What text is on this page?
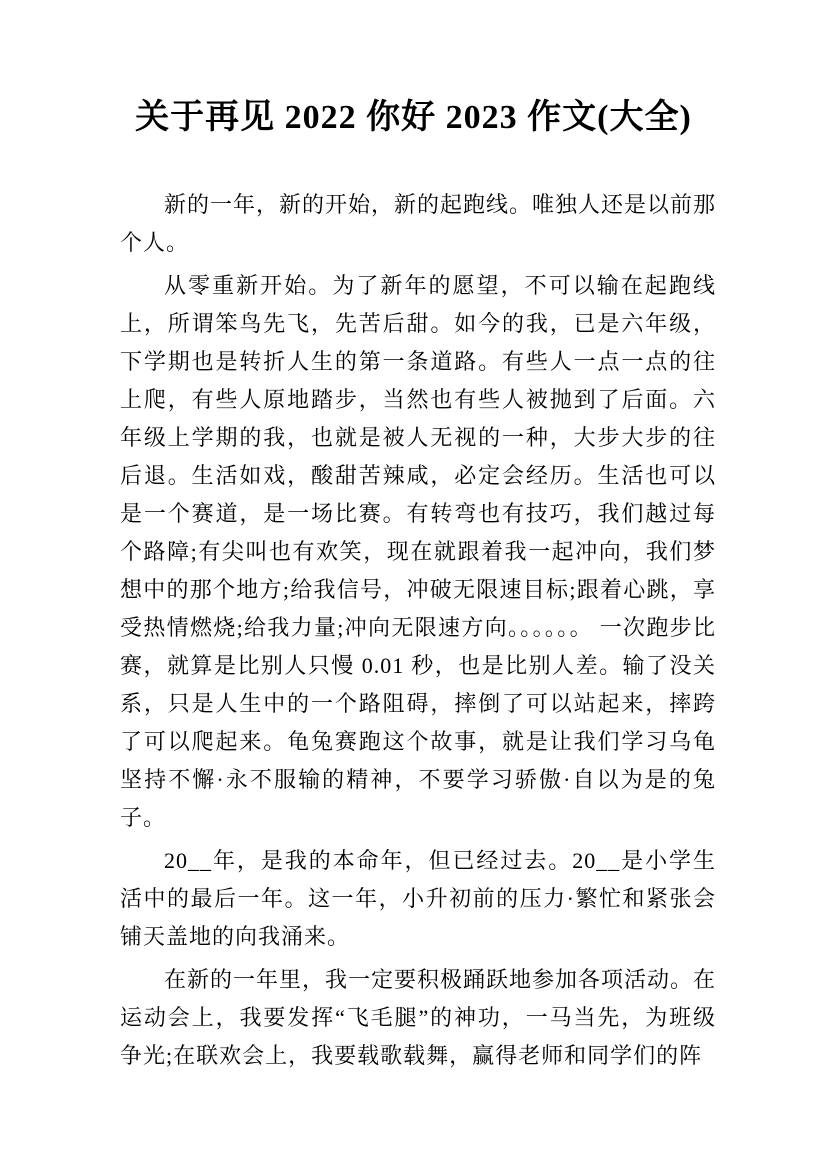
关于再见 2022 你好 2023 作文(大全)

新的一年，新的开始，新的起跑线。唯独人还是以前那个人。

从零重新开始。为了新年的愿望，不可以输在起跑线上，所谓笨鸟先飞，先苦后甜。如今的我，已是六年级，下学期也是转折人生的第一条道路。有些人一点一点的往上爬，有些人原地踏步，当然也有些人被抛到了后面。六年级上学期的我，也就是被人无视的一种，大步大步的往后退。生活如戏，酸甜苦辣咸，必定会经历。生活也可以是一个赛道，是一场比赛。有转弯也有技巧，我们越过每个路障;有尖叫也有欢笑，现在就跟着我一起冲向，我们梦想中的那个地方;给我信号，冲破无限速目标;跟着心跳，享受热情燃烧;给我力量;冲向无限速方向。。。。。。 一次跑步比赛，就算是比别人只慢 0.01 秒，也是比别人差。输了没关系，只是人生中的一个路阻碍，摔倒了可以站起来，摔跨了可以爬起来。龟兔赛跑这个故事，就是让我们学习乌龟坚持不懈·永不服输的精神，不要学习骄傲·自以为是的兔子。

20__年，是我的本命年，但已经过去。20__是小学生活中的最后一年。这一年，小升初前的压力·繁忙和紧张会铺天盖地的向我涌来。

在新的一年里，我一定要积极踊跃地参加各项活动。在运动会上，我要发挥“飞毛腿”的神功，一马当先，为班级争光;在联欢会上，我要载歌载舞，赢得老师和同学们的阵
